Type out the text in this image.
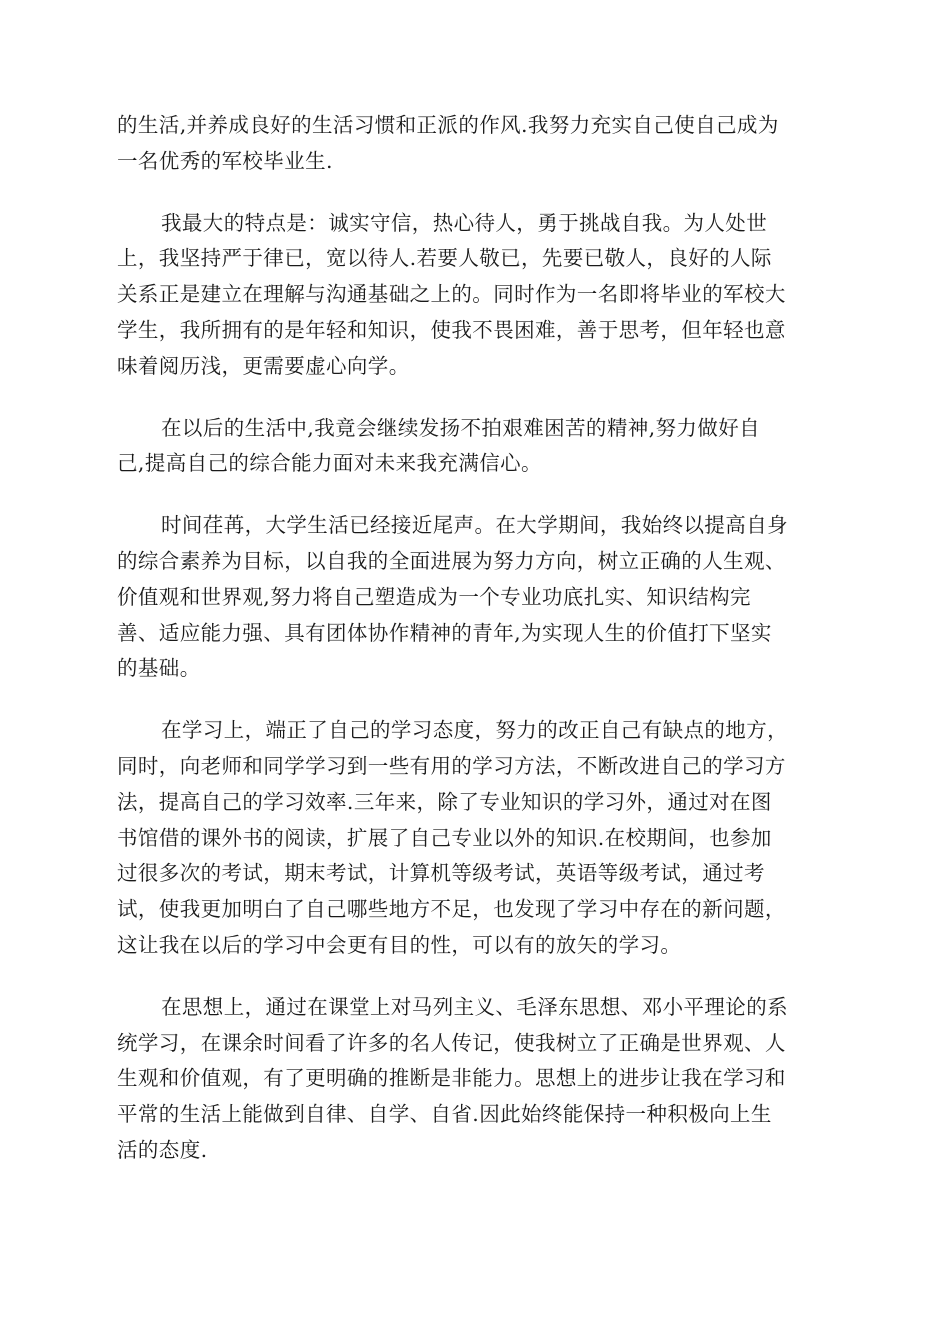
的生活,并养成良好的生活习惯和正派的作风.我努力充实自己使自己成为
一名优秀的军校毕业生.

我最大的特点是：诚实守信，热心待人，勇于挑战自我。为人处世
上，我坚持严于律已，宽以待人.若要人敬已，先要已敬人，良好的人际
关系正是建立在理解与沟通基础之上的。同时作为一名即将毕业的军校大
学生，我所拥有的是年轻和知识，使我不畏困难，善于思考，但年轻也意
味着阅历浅，更需要虚心向学。

在以后的生活中,我竟会继续发扬不拍艰难困苦的精神,努力做好自
己,提高自己的综合能力面对未来我充满信心。

时间荏苒，大学生活已经接近尾声。在大学期间，我始终以提高自身
的综合素养为目标，以自我的全面进展为努力方向，树立正确的人生观、
价值观和世界观,努力将自己塑造成为一个专业功底扎实、知识结构完
善、适应能力强、具有团体协作精神的青年,为实现人生的价值打下坚实
的基础。

在学习上，端正了自己的学习态度，努力的改正自己有缺点的地方，
同时，向老师和同学学习到一些有用的学习方法，不断改进自己的学习方
法，提高自己的学习效率.三年来，除了专业知识的学习外，通过对在图
书馆借的课外书的阅读，扩展了自己专业以外的知识.在校期间，也参加
过很多次的考试，期末考试，计算机等级考试，英语等级考试，通过考
试，使我更加明白了自己哪些地方不足，也发现了学习中存在的新问题，
这让我在以后的学习中会更有目的性，可以有的放矢的学习。

在思想上，通过在课堂上对马列主义、毛泽东思想、邓小平理论的系
统学习，在课余时间看了许多的名人传记，使我树立了正确是世界观、人
生观和价值观，有了更明确的推断是非能力。思想上的进步让我在学习和
平常的生活上能做到自律、自学、自省.因此始终能保持一种积极向上生
活的态度.
